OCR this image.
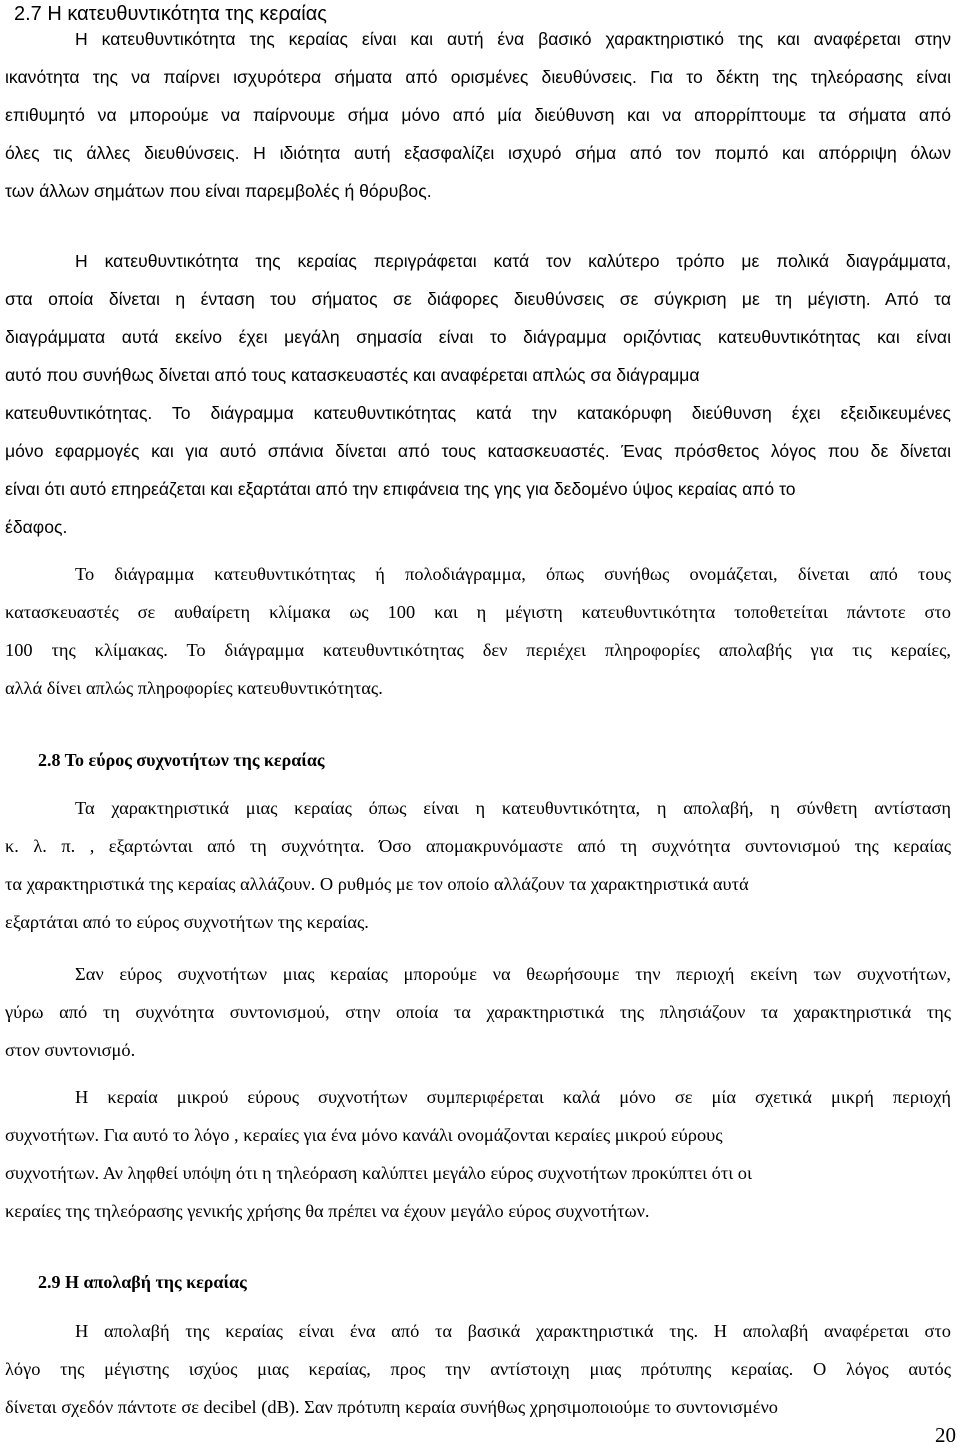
2.7 Η κατευθυντικότητα της κεραίας
Η κατευθυντικότητα της κεραίας είναι και αυτή ένα βασικό χαρακτηριστικό της και αναφέρεται στην
ικανότητα της να παίρνει ισχυρότερα σήματα από ορισμένες διευθύνσεις. Για το δέκτη της τηλεόρασης είναι
επιθυμητό να μπορούμε να παίρνουμε σήμα μόνο από μία διεύθυνση και να απορρίπτουμε τα σήματα από
όλες τις άλλες διευθύνσεις. Η ιδιότητα αυτή εξασφαλίζει ισχυρό σήμα από τον πομπό και απόρριψη όλων
των άλλων σημάτων που είναι παρεμβολές ή θόρυβος.
Η κατευθυντικότητα της κεραίας περιγράφεται κατά τον καλύτερο τρόπο με πολικά διαγράμματα,
στα οποία δίνεται η ένταση του σήματος σε διάφορες διευθύνσεις σε σύγκριση με τη μέγιστη. Από τα
διαγράμματα αυτά εκείνο έχει μεγάλη σημασία είναι το διάγραμμα οριζόντιας κατευθυντικότητας και είναι
αυτό που συνήθως δίνεται από τους κατασκευαστές και αναφέρεται απλώς σα διάγραμμα
κατευθυντικότητας. Το διάγραμμα κατευθυντικότητας κατά την κατακόρυφη διεύθυνση έχει εξειδικευμένες
μόνο εφαρμογές και για αυτό σπάνια δίνεται από τους κατασκευαστές. Ένας πρόσθετος λόγος που δε δίνεται
είναι ότι αυτό επηρεάζεται και εξαρτάται από την επιφάνεια της γης για δεδομένο ύψος κεραίας από το
έδαφος.
Το διάγραμμα κατευθυντικότητας ή πολοδιάγραμμα, όπως συνήθως ονομάζεται, δίνεται από τους
κατασκευαστές σε αυθαίρετη κλίμακα ως 100 και η μέγιστη κατευθυντικότητα τοποθετείται πάντοτε στο
100 της κλίμακας. Το διάγραμμα κατευθυντικότητας δεν περιέχει πληροφορίες απολαβής για τις κεραίες,
αλλά δίνει απλώς πληροφορίες κατευθυντικότητας.
2.8 Το εύρος συχνοτήτων της κεραίας
Τα χαρακτηριστικά μιας κεραίας όπως είναι η κατευθυντικότητα, η απολαβή, η σύνθετη αντίσταση
κ. λ. π. , εξαρτώνται από τη συχνότητα. Όσο απομακρυνόμαστε από τη συχνότητα συντονισμού της κεραίας
τα χαρακτηριστικά της κεραίας αλλάζουν. Ο ρυθμός με τον οποίο αλλάζουν τα χαρακτηριστικά αυτά
εξαρτάται από το εύρος συχνοτήτων της κεραίας.
Σαν εύρος συχνοτήτων μιας κεραίας μπορούμε να θεωρήσουμε την περιοχή εκείνη των συχνοτήτων,
γύρω από τη συχνότητα συντονισμού, στην οποία τα χαρακτηριστικά της πλησιάζουν τα χαρακτηριστικά της
στον συντονισμό.
Η κεραία μικρού εύρους συχνοτήτων συμπεριφέρεται καλά μόνο σε μία σχετικά μικρή περιοχή
συχνοτήτων. Για αυτό το λόγο , κεραίες για ένα μόνο κανάλι ονομάζονται κεραίες μικρού εύρους
συχνοτήτων. Αν ληφθεί υπόψη ότι η τηλεόραση καλύπτει μεγάλο εύρος συχνοτήτων προκύπτει ότι οι
κεραίες της τηλεόρασης γενικής χρήσης θα πρέπει να έχουν μεγάλο εύρος συχνοτήτων.
2.9 Η απολαβή της κεραίας
Η απολαβή της κεραίας είναι ένα από τα βασικά χαρακτηριστικά της. Η απολαβή αναφέρεται στο
λόγο της μέγιστης ισχύος μιας κεραίας, προς την αντίστοιχη μιας πρότυπης κεραίας. Ο λόγος αυτός
δίνεται σχεδόν πάντοτε σε decibel (dB). Σαν πρότυπη κεραία συνήθως χρησιμοποιούμε το συντονισμένο
20
